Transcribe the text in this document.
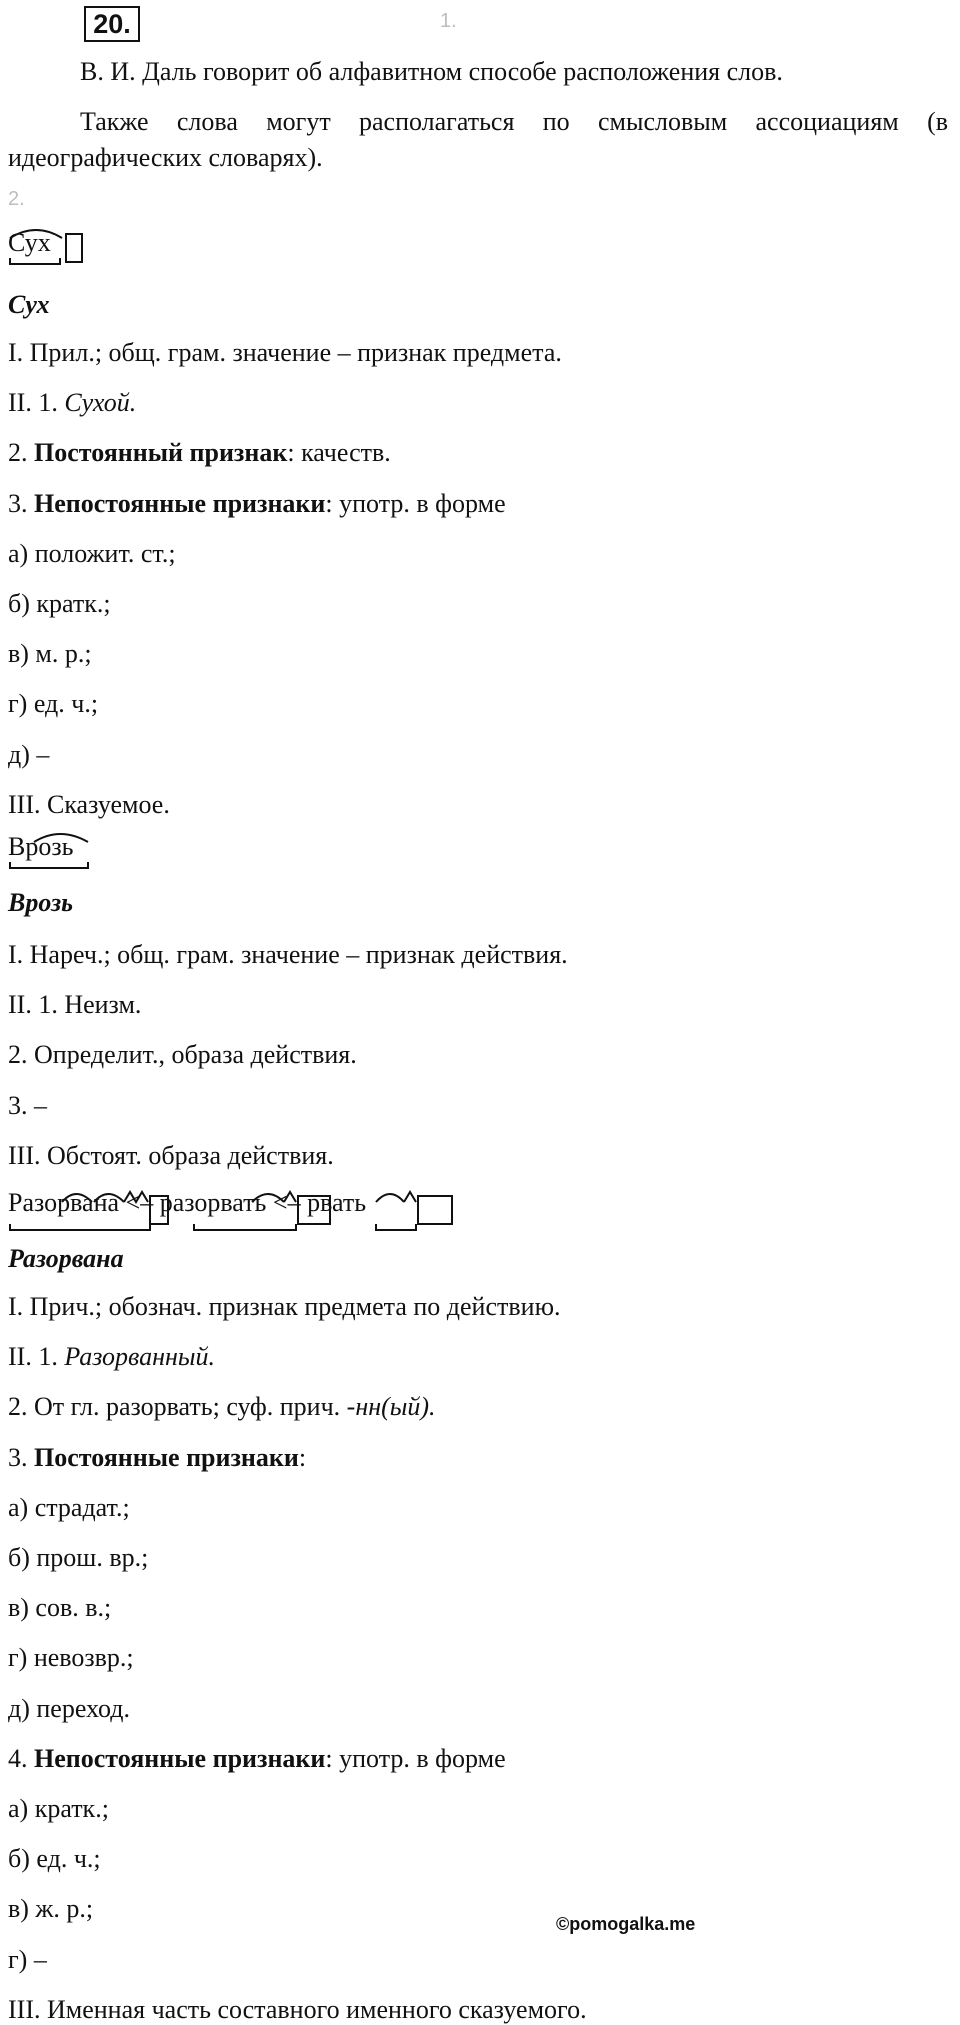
20.	1.
В. И. Даль говорит об алфавитном способе расположения слов.
Также слова могут располагаться по смысловым ассоциациям (в идеографических словарях).
2.
Сух
Сух
I. Прил.; общ. грам. значение – признак предмета.
II. 1. Сухой.
2. Постоянный признак: качеств.
3. Непостоянные признаки: употр. в форме
а) положит. ст.;
б) кратк.;
в) м. р.;
г) ед. ч.;
д) –
III. Сказуемое.
Врозь
Врозь
I. Нареч.; общ. грам. значение – признак действия.
II. 1. Неизм.
2. Определит., образа действия.
3. –
III. Обстоят. образа действия.
Разорвана <– разорвать <– рвать
Разорвана
I. Прич.; обознач. признак предмета по действию.
II. 1. Разорванный.
2. От гл. разорвать; суф. прич. -нн(ый).
3. Постоянные признаки:
а) страдат.;
б) прош. вр.;
в) сов. в.;
г) невозвр.;
д) переход.
4. Непостоянные признаки: употр. в форме
а) кратк.;
б) ед. ч.;
в) ж. р.;
г) –
III. Именная часть составного именного сказуемого.
©pomogalka.me
